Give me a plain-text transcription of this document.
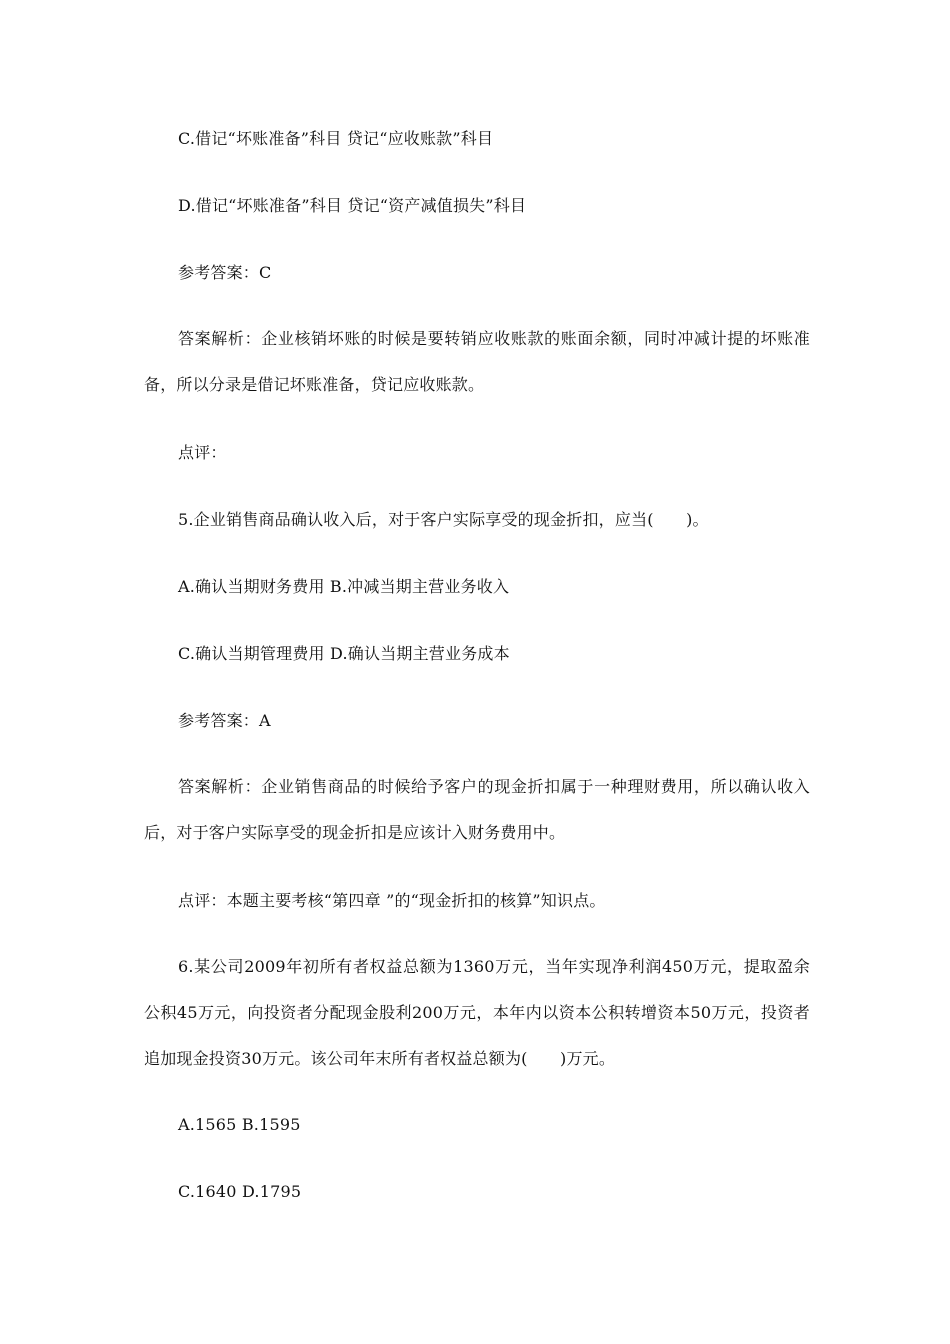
C.借记“坏账准备”科目 贷记“应收账款”科目
D.借记“坏账准备”科目 贷记“资产减值损失”科目
参考答案：C

答案解析：企业核销坏账的时候是要转销应收账款的账面余额，同时冲减计提的坏账准备，所以分录是借记坏账准备，贷记应收账款。

点评：
5.企业销售商品确认收入后，对于客户实际享受的现金折扣，应当(　　)。
A.确认当期财务费用 B.冲减当期主营业务收入
C.确认当期管理费用 D.确认当期主营业务成本
参考答案：A

答案解析：企业销售商品的时候给予客户的现金折扣属于一种理财费用，所以确认收入后，对于客户实际享受的现金折扣是应该计入财务费用中。

点评：本题主要考核“第四章 ”的“现金折扣的核算”知识点。

6.某公司2009年初所有者权益总额为1360万元，当年实现净利润450万元，提取盈余公积45万元，向投资者分配现金股利200万元，本年内以资本公积转增资本50万元，投资者追加现金投资30万元。该公司年末所有者权益总额为(　　)万元。

A.1565 B.1595
C.1640 D.1795
